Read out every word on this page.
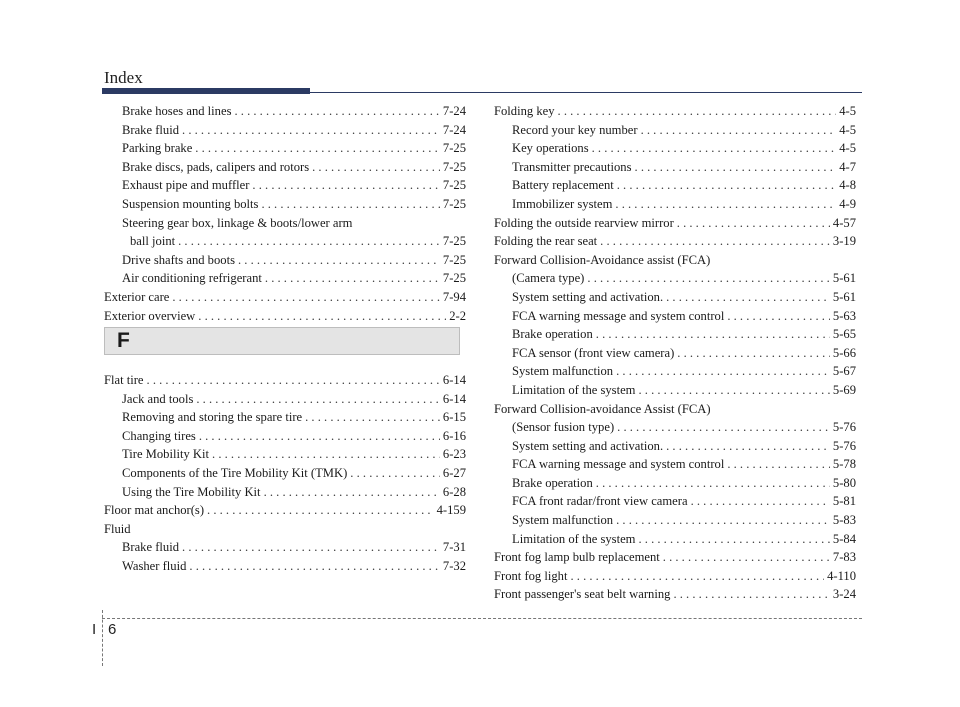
Index
Brake hoses and lines . . .	7-24
Brake fluid . . .	7-24
Parking brake . . .	7-25
Brake discs, pads, calipers and rotors . . .	7-25
Exhaust pipe and muffler . . .	7-25
Suspension mounting bolts . . .	7-25
Steering gear box, linkage & boots/lower arm
ball joint . . .	7-25
Drive shafts and boots . . .	7-25
Air conditioning refrigerant . . .	7-25
Exterior care . . .	7-94
Exterior overview . . .	2-2
F
Flat tire . . .	6-14
Jack and tools . . .	6-14
Removing and storing the spare tire . . .	6-15
Changing tires . . .	6-16
Tire Mobility Kit . . .	6-23
Components of the Tire Mobility Kit (TMK) . . .	6-27
Using the Tire Mobility Kit . . .	6-28
Floor mat anchor(s) . . .	4-159
Fluid
Brake fluid . . .	7-31
Washer fluid . . .	7-32
Folding key . . .	4-5
Record your key number . . .	4-5
Key operations . . .	4-5
Transmitter precautions . . .	4-7
Battery replacement . . .	4-8
Immobilizer system . . .	4-9
Folding the outside rearview mirror . . .	4-57
Folding the rear seat . . .	3-19
Forward Collision-Avoidance assist (FCA)
(Camera type) . . .	5-61
System setting and activation. . . .	5-61
FCA warning message and system control . . .	5-63
Brake operation . . .	5-65
FCA sensor (front view camera) . . .	5-66
System malfunction . . .	5-67
Limitation of the system . . .	5-69
Forward Collision-avoidance Assist (FCA)
(Sensor fusion type) . . .	5-76
System setting and activation. . . .	5-76
FCA warning message and system control . . .	5-78
Brake operation . . .	5-80
FCA front radar/front view camera . . .	5-81
System malfunction . . .	5-83
Limitation of the system . . .	5-84
Front fog lamp bulb replacement . . .	7-83
Front fog light . . .	4-110
Front passenger's seat belt warning . . .	3-24
I 6
